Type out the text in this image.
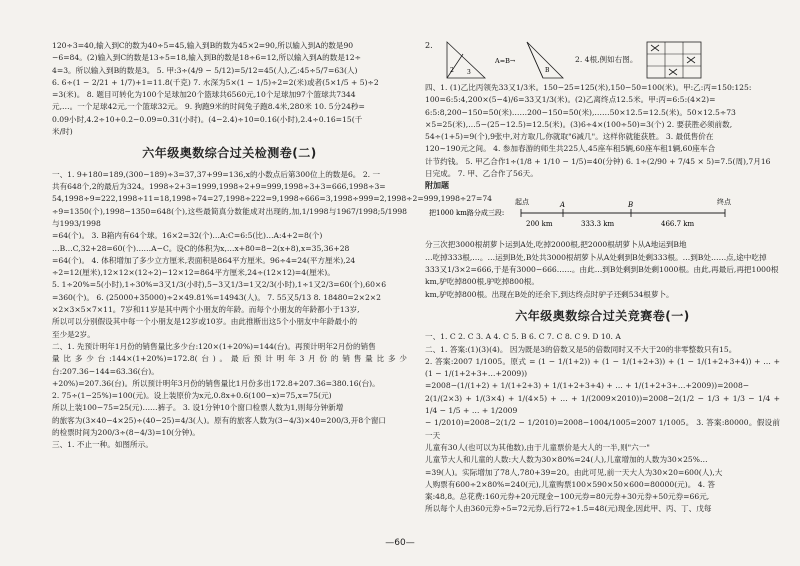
120÷3=40,输入到C的数为40÷5=45,输入到B的数为45×2=90,所以输入到A的数是90

−6=84。(2)输入到C的数是13÷5=18,输入到B的数是18÷6=12,所以输入到A的数是12÷

4=3。所以输入到B的数是3。 5. 甲:3÷(4/9 − 5/12)=5/12=45(人),乙:45÷5/7=63(人)

6. 6÷(1 − 2/21 + 1/7)+1=11.8(千克) 7. 水深为5×(1 − 1/5)÷2=2(米)或者(5×1/5 + 5)÷2

=3(米)。 8. 题目可转化为100个足球加20个篮球共6560元,10个足球加97个篮球共7344

元,…。一个足球42元,一个篮球32元。 9. 狗跑9米的时间兔子跑8.4米,280米 10. 5分24秒=

0.09小时,4.2÷10+0.2−0.09=0.31(小时)。(4−2.4)÷10=0.16(小时),2.4÷0.16=15(千

米/时)

六年级奥数综合过关检测卷(二)

一、1. 9+180=189,(300−189)÷3=37,37+99=136,x的小数点后第300位上的数是6。 2. 一

共有648个,2的最后为324。1998÷2+3=1999,1998÷2+9=999,1998÷3+3=666,1998÷3=

54,1998÷9=222,1998÷11=18,1998÷74=27,1998÷222=9,1998÷666=3,1998÷999=2,1998÷2=999,1998÷27=74

÷9=1350(个),1998−1350=648(个),这些最简真分数能成对出现的,加,1/1998与1967/1998;5/1998与1993/1998

=64(个)。 3. B箱内有64个球。16×2=32(个)…A:C=6:5(比)…A:4+2=8(个)

…B…C,32+28=60(个)……A−C。设C的体积为x,…x+80=8−2(x+8),x=35,36+28

=64(个)。 4. 体积增加了多少立方厘米,表面积是864平方厘米。96÷4=24(平方厘米),24

÷2=12(厘米),12×12×(12÷2)−12×12=864平方厘米,24÷(12×12)=4(厘米)。

5. 1÷20%=5(小时),1÷30%=3又1/3(小时),5−3又1/3=1又2/3(小时),1÷1又2/3=60(个),60×6

=360(个)。 6. (25000+35000)÷2×49.81%=14943(人)。 7. 55又5/13 8. 18480=2×2×2

×2×3×5×7×11。7岁和11岁是其中两个小朋友的年龄。而每个小朋友的年龄都小于13岁,

所以可以分别假设其中每一个小朋友是12岁或10岁。由此推断出这5个小朋友中年龄最小的

至少是2岁。

二、1. 先预计明年1月份的销售量比多少台:120×(1+20%)=144(台)。再预计明年2月份的销售

量比多少台:144×(1+20%)=172.8(台)。最后预计明年3月份的销售量比多少台:207.36−144=63.36(台)。

+20%)=207.36(台)。所以预计明年3月份的销售量比1月份多出172.8+207.36=380.16(台)。

2. 75÷(1−25%)=100(元)。设上装原价为x元,0.8x+0.6(100−x)=75,x=75(元)

所以上装100−75=25(元)……裤子。 3. 设1分钟10个窗口检票人数为1,则每分钟新增

的旅客为(3×40−4×25)÷(40−25)=4/3(人)。原有的旅客人数为(3−4/3)×40=200/3,开8个窗口

的检票时间为200/3÷(8−4/3)=10(分钟)。

三、1. 不止一种。如图所示。

2.
2 3
A=B→
B
2. 4根,例如右图。

四、1. (1)乙比丙领先33又1/3米。150−25=125(米),150−50=100(米)。甲:乙:丙=150:125:

100=6:5:4,200×(5−4)/6=33又1/3(米)。(2)乙离终点12.5米。甲:丙=6:5:(4×2)=

6:5:8,200−150=50(米)……200−150=50(米),……50×12.5=12.5(米)。50×12.5÷73

×5=25(米),…5−(25−12.5)=12.5(米)。(3)6÷4×(100÷50)=3(个) 2. 要获胜必须前数,

54÷(1+5)=9(个),9张中,对方取几,你就取"6减几"。这样你就能获胜。 3. 最低售价在

120~190元之间。 4. 参加春游的师生共225人,45座车租5辆,60座车租1辆,60座车合

计节约钱。 5. 甲乙合作1÷(1/8 + 1/10 − 1/5)=40(分钟) 6. 1÷(2/90 + 7/45 × 5)=7.5(周),7月16

日完成。 7. 甲、乙合作了56天。

附加题

把1000 km路分成三段:
起点	A	B	终点
200 km	333.3 km	466.7 km

分三次把3000根胡萝卜运到A处,吃掉2000根,把2000根胡萝卜从A地运到B地

…吃掉333根,…。…运到B处,B处共3000根胡萝卜从A处剩到B处剩333根。…到B处……点,途中吃掉

333又1/3×2=666,于是有3000−666……。由此…到B处剩到B处剩1000根。由此,再最后,再把1000根

km,驴吃掉800根,驴吃掉800根。

km,驴吃掉800根。出现在B处的还余下,到达终点时驴子还剩534根萝卜。

六年级奥数综合过关竞赛卷(一)

一、1. C 2. C 3. A 4. C 5. B 6. C 7. C 8. C 9. D 10. A

二、1. 答案:(1)(3)(4)。 因为既是3的倍数又是5的倍数同时又不大于20的非零整数只有15。

2. 答案:2007 1/1005。原式 = (1 − 1/(1+2)) + (1 − 1/(1+2+3)) + (1 − 1/(1+2+3+4)) + … + (1 − 1/(1+2+3+…+2009))

=2008−(1/(1+2) + 1/(1+2+3) + 1/(1+2+3+4) + … + 1/(1+2+3+…+2009))=2008−

2(1/(2×3) + 1/(3×4) + 1/(4×5) + … + 1/(2009×2010))=2008−2(1/2 − 1/3 + 1/3 − 1/4 + 1/4 − 1/5 + … + 1/2009

− 1/2010)=2008−2(1/2 − 1/2010)=2008−1004/1005=2007 1/1005。 3. 答案:80000。假设前一天

儿童有30人(也可以为其他数),由于儿童票价是大人的一半,则"六一"

儿童节大人和儿童的人数:大人数为30×80%=24(人),儿童增加的人数为30×25%…

=39(人)。实际增加了78人,780+39=20。由此可见,前一天大人为30×20=600(人),大

人购票有600÷2×80%=240(元),儿童购票100×590×50×600=80000(元)。 4. 答

案:48,8。总花费:160元券+20元现金−100元券=80元券+30元券+50元券=66元,

所以每个人由360元券÷5=72元券,后行72÷1.5=48(元)现金,因此甲、丙、丁、戊每

—60—
